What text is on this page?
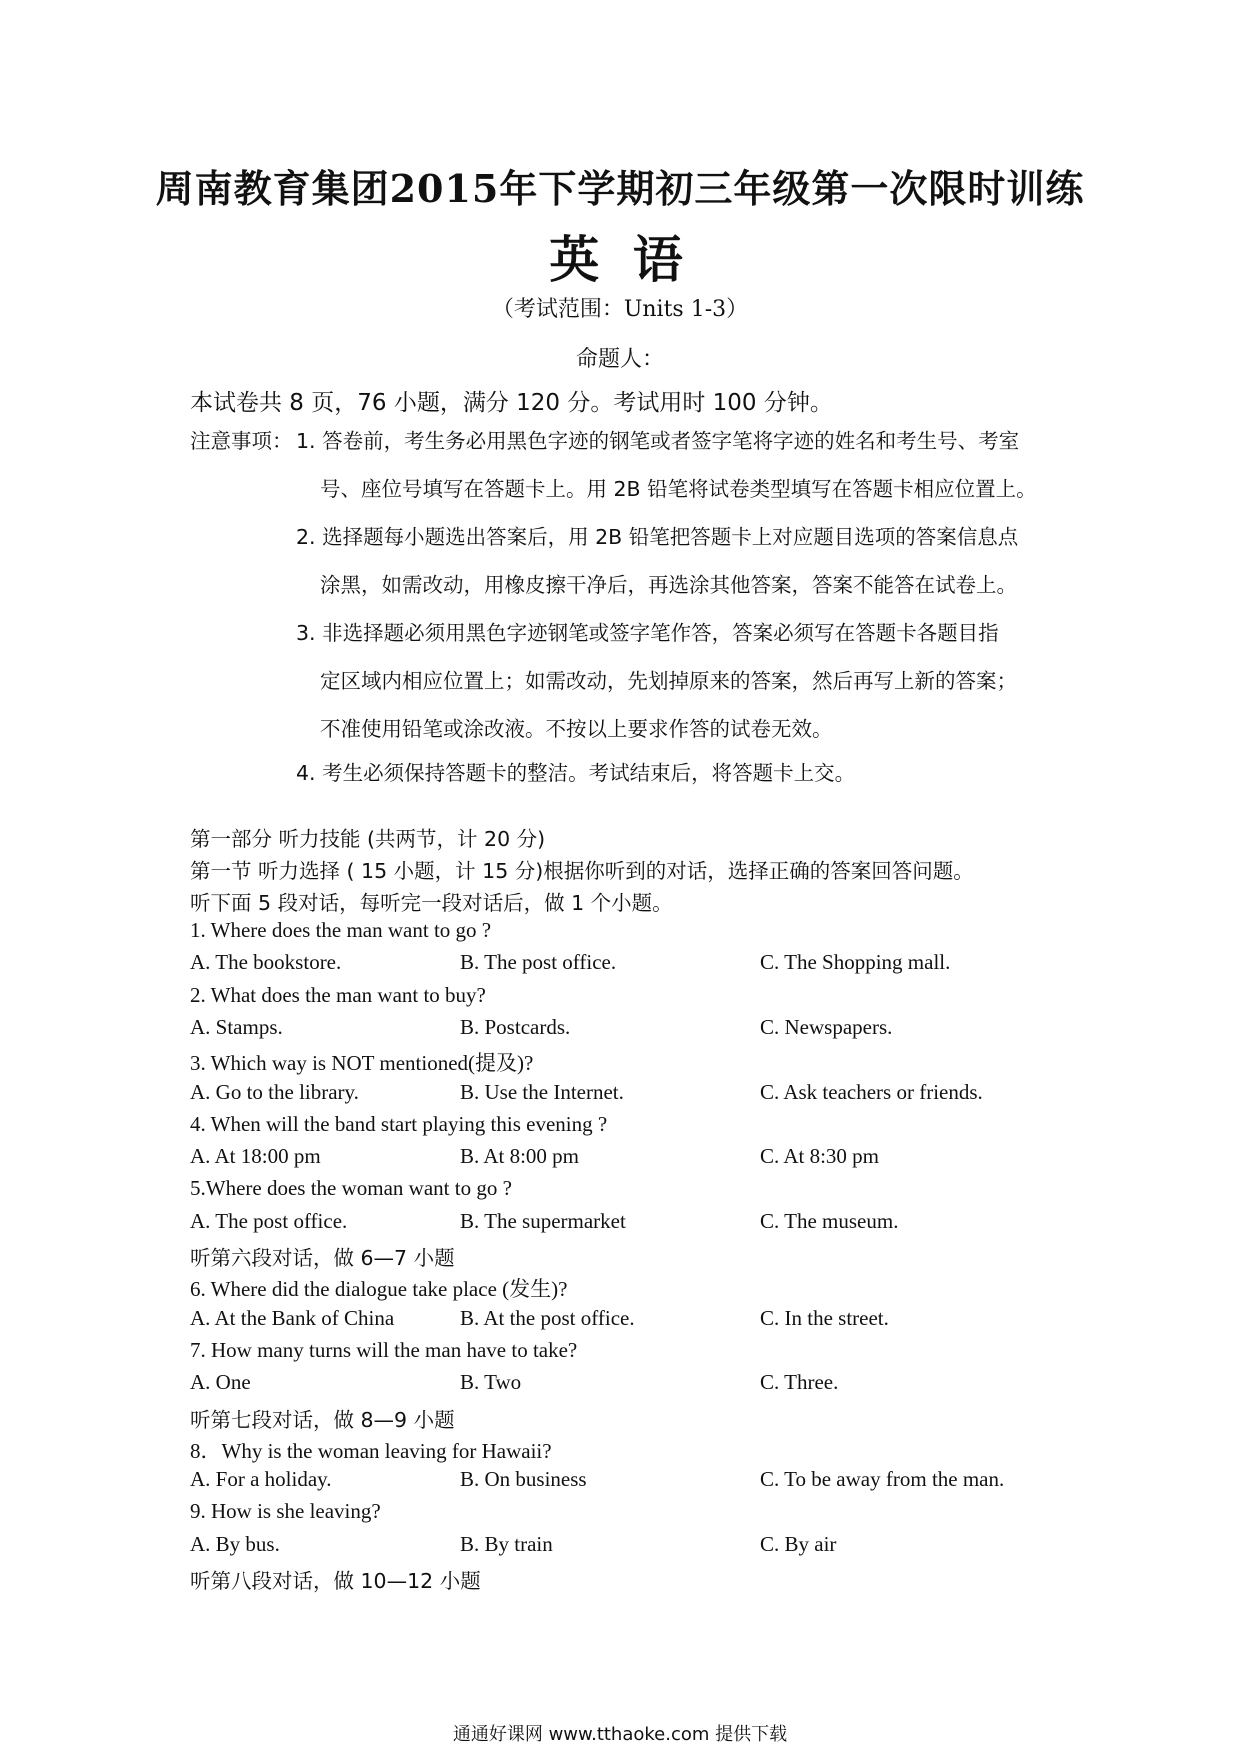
周南教育集团2015年下学期初三年级第一次限时训练
英 语
（考试范围：Units 1-3）
命题人：
本试卷共 8 页，76 小题，满分 120 分。考试用时 100 分钟。
注意事项： 1. 答卷前，考生务必用黑色字迹的钢笔或者签字笔将字迹的姓名和考生号、考室
号、座位号填写在答题卡上。用 2B 铅笔将试卷类型填写在答题卡相应位置上。
2. 选择题每小题选出答案后，用 2B 铅笔把答题卡上对应题目选项的答案信息点
涂黑，如需改动，用橡皮擦干净后，再选涂其他答案，答案不能答在试卷上。
3. 非选择题必须用黑色字迹钢笔或签字笔作答，答案必须写在答题卡各题目指
定区域内相应位置上；如需改动，先划掉原来的答案，然后再写上新的答案；
不准使用铅笔或涂改液。不按以上要求作答的试卷无效。
4. 考生必须保持答题卡的整洁。考试结束后，将答题卡上交。
第一部分 听力技能 (共两节，计 20 分)
第一节 听力选择 ( 15 小题，计 15 分)根据你听到的对话，选择正确的答案回答问题。
听下面 5 段对话，每听完一段对话后，做 1 个小题。
1. Where does the man want to go ?
A. The bookstore.	B. The post office.	C. The Shopping mall.
2. What does the man want to buy?
A. Stamps.	B. Postcards.	C. Newspapers.
3. Which way is NOT mentioned(提及)?
A. Go to the library.	B. Use the Internet.	C. Ask teachers or friends.
4. When will the band start playing this evening ?
A. At 18:00 pm	B. At 8:00 pm	C. At 8:30 pm
5.Where does the woman want to go ?
A. The post office.	B. The supermarket	C. The museum.
听第六段对话，做 6—7 小题
6. Where did the dialogue take place (发生)?
A. At the Bank of China	B. At the post office.	C. In the street.
7. How many turns will the man have to take?
A. One	B. Two	C. Three.
听第七段对话，做 8—9 小题
8．Why is the woman leaving for Hawaii?
A. For a holiday.	B. On business	C. To be away from the man.
9. How is she leaving?
A. By bus.	B. By train	C. By air
听第八段对话，做 10—12 小题
通通好课网 www.tthaoke.com 提供下载
